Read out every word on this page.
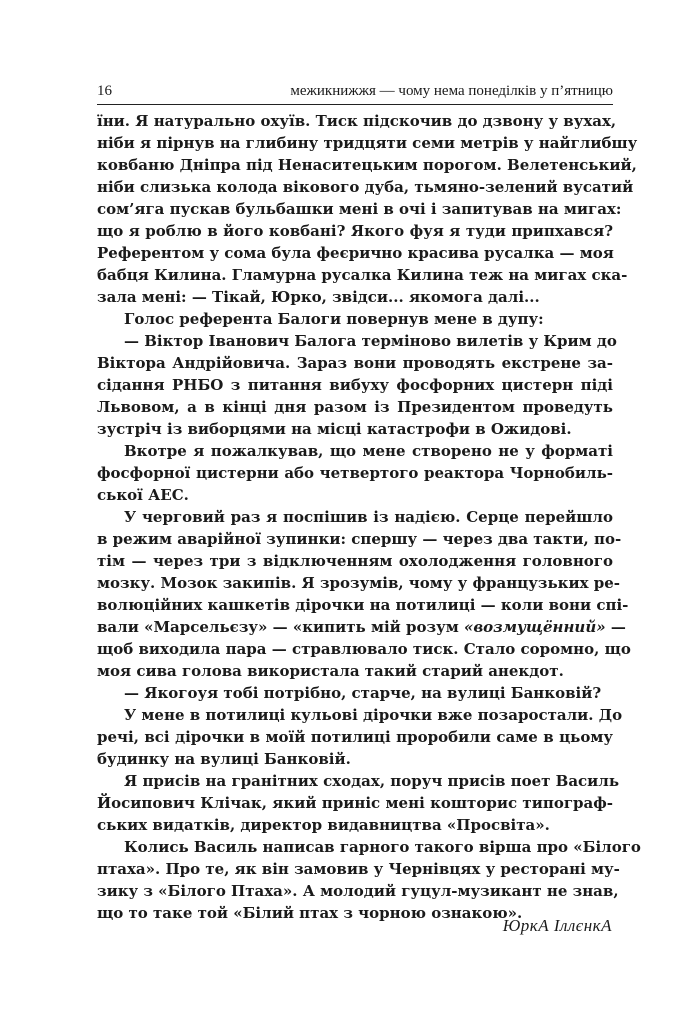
16	межикнижжя — чому нема понеділків у п’ятницю
їни. Я натурально охуїв. Тиск підскочив до дзвону у вухах,
ніби я пірнув на глибину тридцяти семи метрів у найглибшу
ковбаню Дніпра під Ненаситецьким порогом. Велетенський,
ніби слизька колода вікового дуба, тьмяно-зелений вусатий
сом’яга пускав бульбашки мені в очі і запитував на мигах:
що я роблю в його ковбані? Якого фуя я туди припхався?
Референтом у сома була феєрично красива русалка — моя
бабця Килина. Гламурна русалка Килина теж на мигах ска-
зала мені: — Тікай, Юрко, звідси... якомога далі...
Голос референта Балоги повернув мене в дупу:
— Віктор Іванович Балога терміново вилетів у Крим до
Віктора Андрійовича. Зараз вони проводять екстрене за-
сідання РНБО з питання вибуху фосфорних цистерн піді
Львовом, а в кінці дня разом із Президентом проведуть
зустріч із виборцями на місці катастрофи в Ожидові.
Вкотре я пожалкував, що мене створено не у форматі
фосфорної цистерни або четвертого реактора Чорнобиль-
ської АЕС.
У черговий раз я поспішив із надією. Серце перейшло
в режим аварійної зупинки: спершу — через два такти, по-
тім — через три з відключенням охолодження головного
мозку. Мозок закипів. Я зрозумів, чому у французьких ре-
волюційних кашкетів дірочки на потилиці — коли вони спі-
вали «Марсельєзу» — «кипить мій розум «возмущённий» —
щоб виходила пара — стравлювало тиск. Стало соромно, що
моя сива голова використала такий старий анекдот.
— Якогоуя тобі потрібно, старче, на вулиці Банковій?
У мене в потилиці кульові дірочки вже позаростали. До
речі, всі дірочки в моїй потилиці проробили саме в цьому
будинку на вулиці Банковій.
Я присів на гранітних сходах, поруч присів поет Василь
Йосипович Клічак, який приніс мені кошторис типограф-
ських видатків, директор видавництва «Просвіта».
Колись Василь написав гарного такого вірша про «Білого
птаха». Про те, як він замовив у Чернівцях у ресторані му-
зику з «Білого Птаха». А молодий гуцул-музикант не знав,
що то таке той «Білий птах з чорною ознакою».
ЮркА ІллєнкА
